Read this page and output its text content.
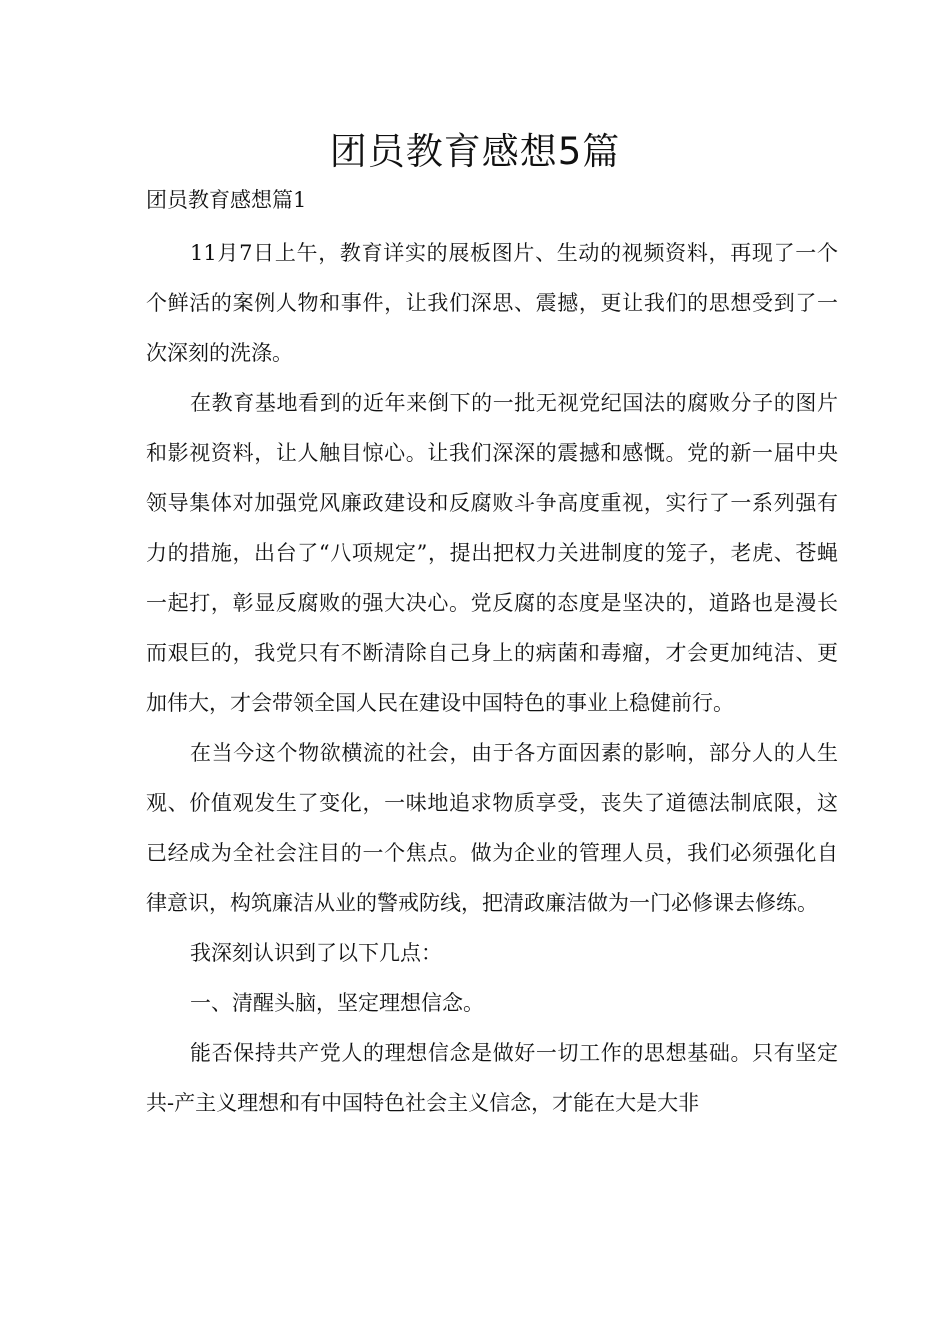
团员教育感想5篇

团员教育感想篇1

11月7日上午，教育详实的展板图片、生动的视频资料，再现了一个个鲜活的案例人物和事件，让我们深思、震撼，更让我们的思想受到了一次深刻的洗涤。

在教育基地看到的近年来倒下的一批无视党纪国法的腐败分子的图片和影视资料，让人触目惊心。让我们深深的震撼和感慨。党的新一届中央领导集体对加强党风廉政建设和反腐败斗争高度重视，实行了一系列强有力的措施，出台了“八项规定”，提出把权力关进制度的笼子，老虎、苍蝇一起打，彰显反腐败的强大决心。党反腐的态度是坚决的，道路也是漫长而艰巨的，我党只有不断清除自己身上的病菌和毒瘤，才会更加纯洁、更加伟大，才会带领全国人民在建设中国特色的事业上稳健前行。

在当今这个物欲横流的社会，由于各方面因素的影响，部分人的人生观、价值观发生了变化，一味地追求物质享受，丧失了道德法制底限，这已经成为全社会注目的一个焦点。做为企业的管理人员，我们必须强化自律意识，构筑廉洁从业的警戒防线，把清政廉洁做为一门必修课去修练。

我深刻认识到了以下几点：

一、清醒头脑，坚定理想信念。

能否保持共产党人的理想信念是做好一切工作的思想基础。只有坚定共-产主义理想和有中国特色社会主义信念，才能在大是大非
